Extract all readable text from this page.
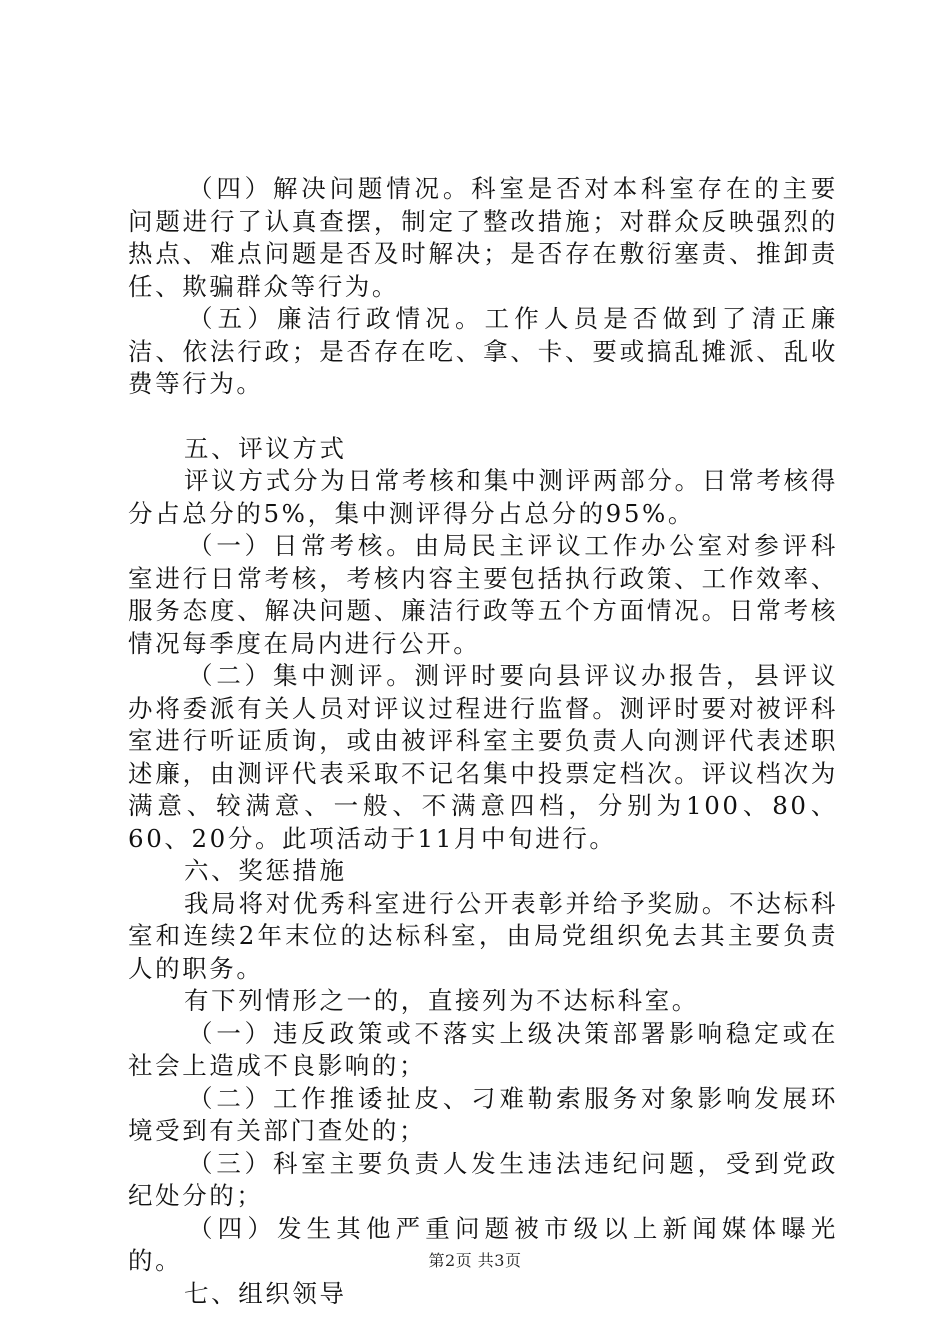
（四）解决问题情况。科室是否对本科室存在的主要问题进行了认真查摆，制定了整改措施；对群众反映强烈的热点、难点问题是否及时解决；是否存在敷衍塞责、推卸责任、欺骗群众等行为。

（五）廉洁行政情况。工作人员是否做到了清正廉洁、依法行政；是否存在吃、拿、卡、要或搞乱摊派、乱收费等行为。

五、评议方式

评议方式分为日常考核和集中测评两部分。日常考核得分占总分的5%，集中测评得分占总分的95%。

（一）日常考核。由局民主评议工作办公室对参评科室进行日常考核，考核内容主要包括执行政策、工作效率、服务态度、解决问题、廉洁行政等五个方面情况。日常考核情况每季度在局内进行公开。

（二）集中测评。测评时要向县评议办报告，县评议办将委派有关人员对评议过程进行监督。测评时要对被评科室进行听证质询，或由被评科室主要负责人向测评代表述职述廉，由测评代表采取不记名集中投票定档次。评议档次为满意、较满意、一般、不满意四档，分别为100、80、60、20分。此项活动于11月中旬进行。

六、奖惩措施

我局将对优秀科室进行公开表彰并给予奖励。不达标科室和连续2年末位的达标科室，由局党组织免去其主要负责人的职务。

有下列情形之一的，直接列为不达标科室。

（一）违反政策或不落实上级决策部署影响稳定或在社会上造成不良影响的；

（二）工作推诿扯皮、刁难勒索服务对象影响发展环境受到有关部门查处的；

（三）科室主要负责人发生违法违纪问题，受到党政纪处分的；

（四）发生其他严重问题被市级以上新闻媒体曝光的。

七、组织领导

第2页 共3页
